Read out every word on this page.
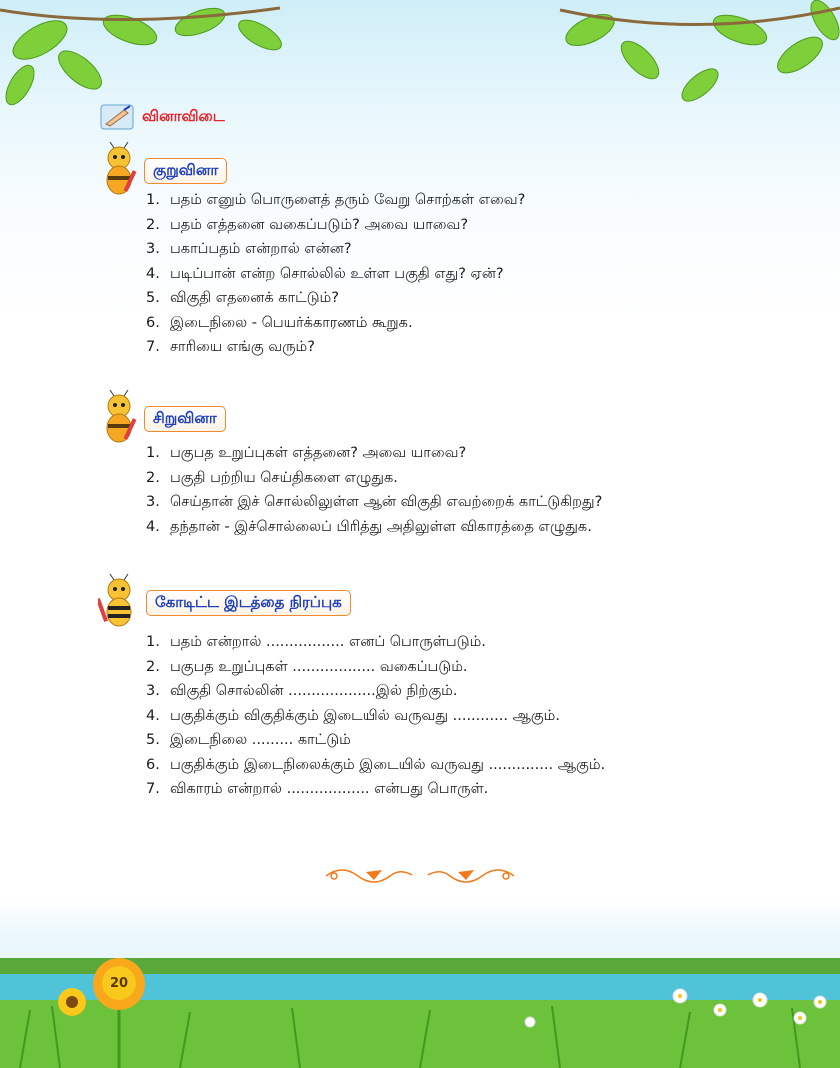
வினாவிடை
குறுவினா
1. பதம் எனும் பொருளைத் தரும் வேறு சொற்கள் எவை?
2. பதம் எத்தனை வகைப்படும்? அவை யாவை?
3. பகாப்பதம் என்றால் என்ன?
4. படிப்பான் என்ற சொல்லில் உள்ள பகுதி எது? ஏன்?
5. விகுதி எதனைக் காட்டும்?
6. இடைநிலை - பெயர்க்காரணம் கூறுக.
7. சாரியை எங்கு வரும்?
சிறுவினா
1. பகுபத உறுப்புகள் எத்தனை? அவை யாவை?
2. பகுதி பற்றிய செய்திகளை எழுதுக.
3. செய்தான் இச் சொல்லிலுள்ள ஆன் விகுதி எவற்றைக் காட்டுகிறது?
4. தந்தான் - இச்சொல்லைப் பிரித்து அதிலுள்ள விகாரத்தை எழுதுக.
கோடிட்ட இடத்தை நிரப்புக
1. பதம் என்றால் ................. எனப் பொருள்படும்.
2. பகுபத உறுப்புகள் .................. வகைப்படும்.
3. விகுதி சொல்லின் ...................இல் நிற்கும்.
4. பகுதிக்கும் விகுதிக்கும் இடையில் வருவது ............ ஆகும்.
5. இடைநிலை ......... காட்டும்
6. பகுதிக்கும் இடைநிலைக்கும் இடையில் வருவது .............. ஆகும்.
7. விகாரம் என்றால் .................. என்பது பொருள்.
20
